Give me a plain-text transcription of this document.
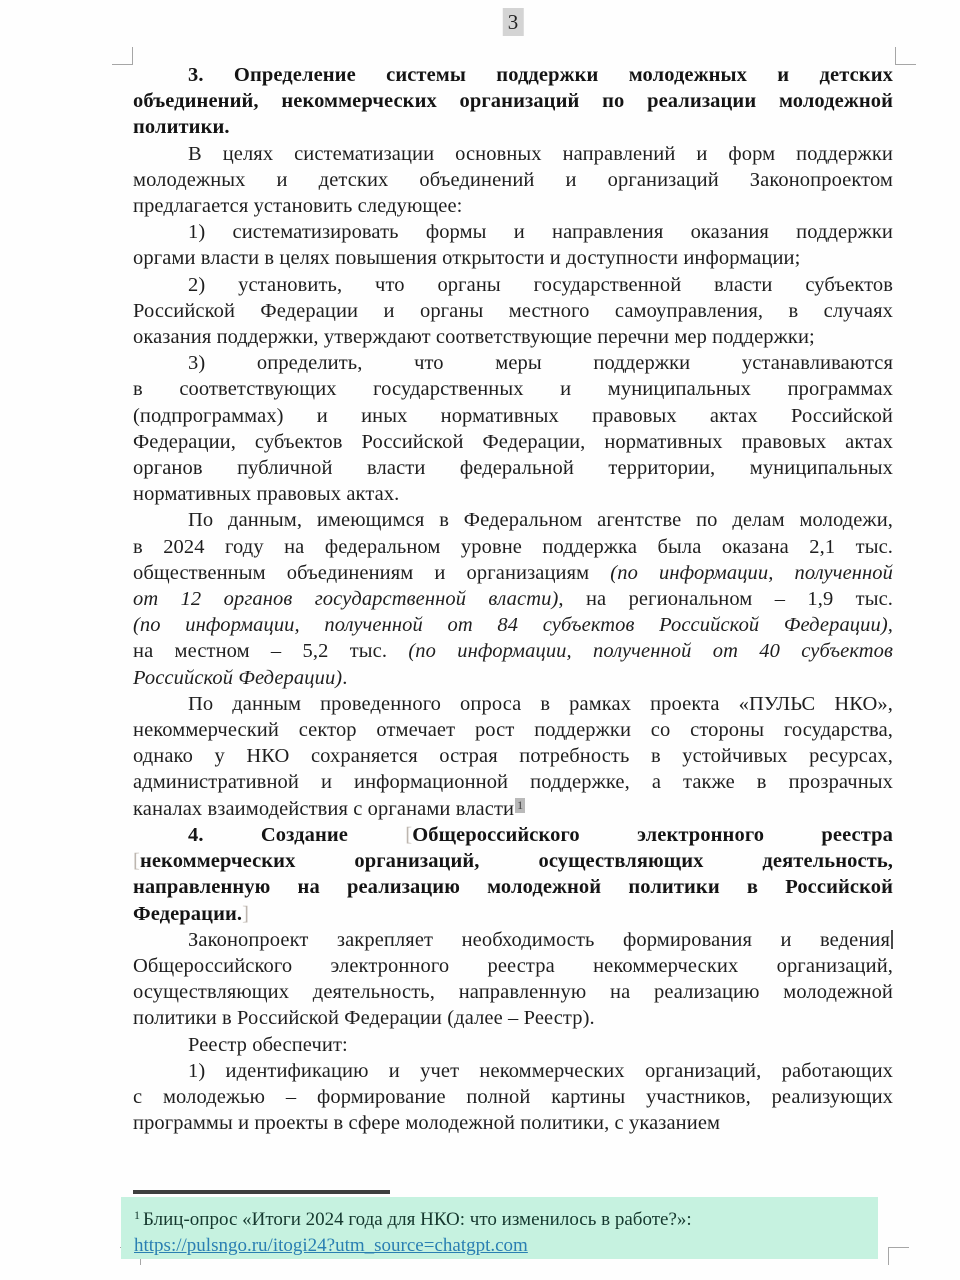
3
3. Определение системы поддержки молодежных и детских
объединений, некоммерческих организаций по реализации молодежной
политики.
В целях систематизации основных направлений и форм поддержки
молодежных и детских объединений и организаций Законопроектом
предлагается установить следующее:
1) систематизировать формы и направления оказания поддержки
оргами власти в целях повышения открытости и доступности информации;
2) установить, что органы государственной власти субъектов
Российской Федерации и органы местного самоуправления, в случаях
оказания поддержки, утверждают соответствующие перечни мер поддержки;
3) определить, что меры поддержки устанавливаются
в соответствующих государственных и муниципальных программах
(подпрограммах) и иных нормативных правовых актах Российской
Федерации, субъектов Российской Федерации, нормативных правовых актах
органов публичной власти федеральной территории, муниципальных
нормативных правовых актах.
По данным, имеющимся в Федеральном агентстве по делам молодежи,
в 2024 году на федеральном уровне поддержка была оказана 2,1 тыс.
общественным объединениям и организациям (по информации, полученной
от 12 органов государственной власти), на региональном – 1,9 тыс.
(по информации, полученной от 84 субъектов Российской Федерации),
на местном – 5,2 тыс. (по информации, полученной от 40 субъектов
Российской Федерации).
По данным проведенного опроса в рамках проекта «ПУЛЬС НКО»,
некоммерческий сектор отмечает рост поддержки со стороны государства,
однако у НКО сохраняется острая потребность в устойчивых ресурсах,
административной и информационной поддержке, а также в прозрачных
каналах взаимодействия с органами власти $^1$
4. Создание [Общероссийского электронного реестра
[некоммерческих организаций, осуществляющих деятельность,
направленную на реализацию молодежной политики в Российской
Федерации.]
Законопроект закрепляет необходимость формирования и ведения
Общероссийского электронного реестра некоммерческих организаций,
осуществляющих деятельность, направленную на реализацию молодежной
политики в Российской Федерации (далее – Реестр).
Реестр обеспечит:
1) идентификацию и учет некоммерческих организаций, работающих
с молодежью – формирование полной картины участников, реализующих
программы и проекты в сфере молодежной политики, с указанием
$^1$ Блиц-опрос «Итоги 2024 года для НКО: что изменилось в работе?»:
https://pulsngo.ru/itogi24?utm_source=chatgpt.com
